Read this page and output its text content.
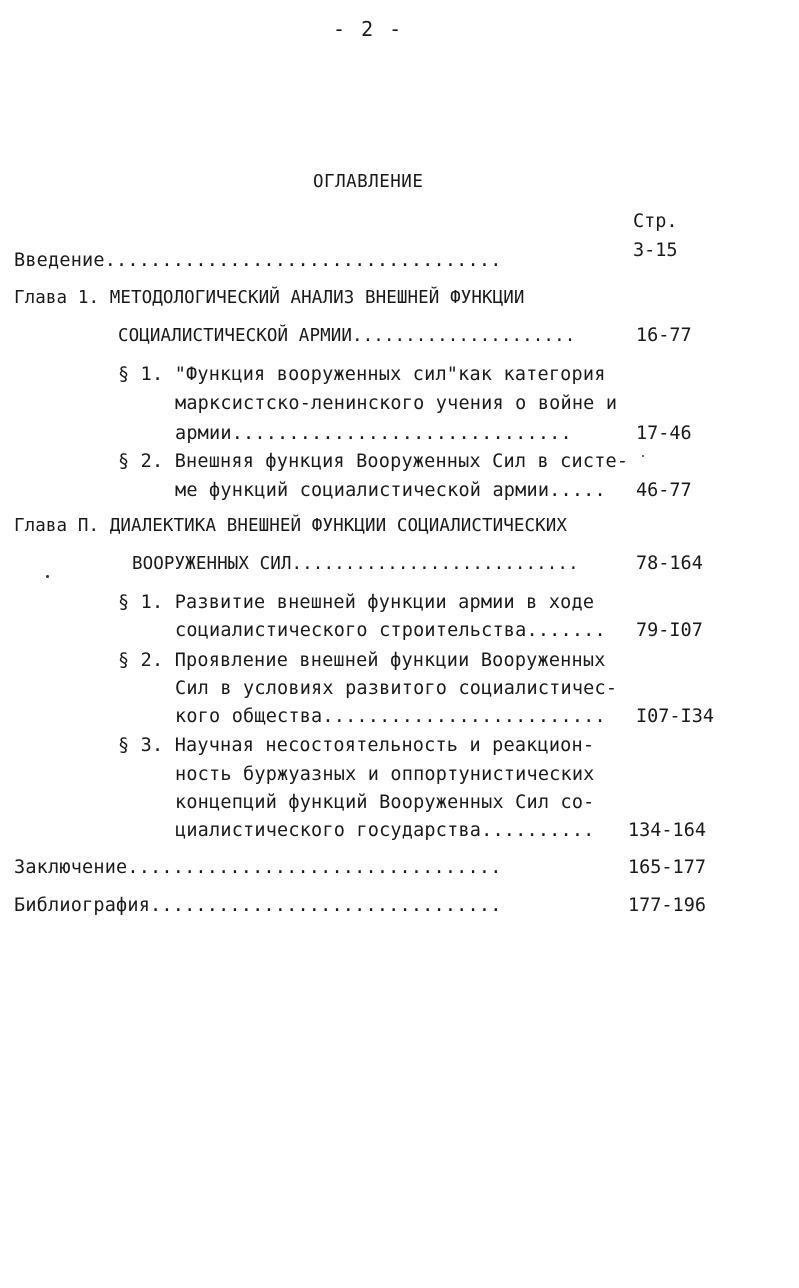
- 2 -
ОГЛАВЛЕНИЕ
Стр.
Введение...................................	3-15
Глава 1. МЕТОДОЛОГИЧЕСКИЙ АНАЛИЗ ВНЕШНЕЙ ФУНКЦИИ
СОЦИАЛИСТИЧЕСКОЙ АРМИИ.....................	16-77
§ 1. "Функция вооруженных сил"как категория
марксистско-ленинского учения о войне и
армии..............................	17-46
§ 2. Внешняя функция Вооруженных Сил в систе-
ме функций социалистической армии..... 46-77
Глава П. ДИАЛЕКТИКА ВНЕШНЕЙ ФУНКЦИИ СОЦИАЛИСТИЧЕСКИХ
ВООРУЖЕННЫХ СИЛ...........................	78-164
§ 1. Развитие внешней функции армии в ходе
социалистического строительства....... 79-I07
§ 2. Проявление внешней функции Вооруженных
Сил в условиях развитого социалистичес-
кого общества......................... I07-I34
§ 3. Научная несостоятельность и реакцион-
ность буржуазных и оппортунистических
концепций функций Вооруженных Сил со-
циалистического государства.......... 134-164
Заключение.................................	165-177
Библиография...............................	177-196
